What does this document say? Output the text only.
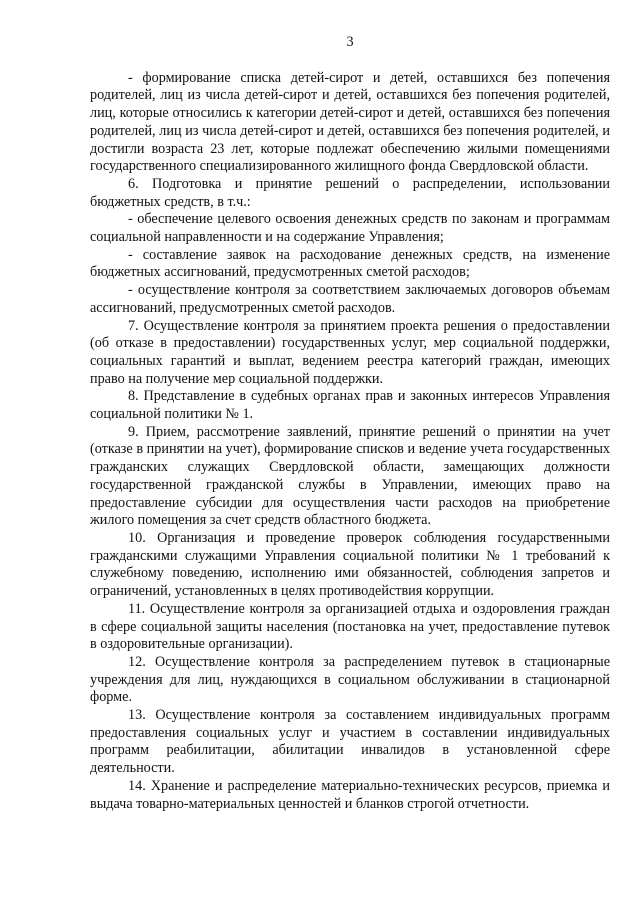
3

- формирование списка детей-сирот и детей, оставшихся без попечения родителей, лиц из числа детей-сирот и детей, оставшихся без попечения родителей, лиц, которые относились к категории детей-сирот и детей, оставшихся без попечения родителей, лиц из числа детей-сирот и детей, оставшихся без попечения родителей, и достигли возраста 23 лет, которые подлежат обеспечению жилыми помещениями государственного специализированного жилищного фонда Свердловской области.

6. Подготовка и принятие решений о распределении, использовании бюджетных средств, в т.ч.:

- обеспечение целевого освоения денежных средств по законам и программам социальной направленности и на содержание Управления;

- составление заявок на расходование денежных средств, на изменение бюджетных ассигнований, предусмотренных сметой расходов;

- осуществление контроля за соответствием заключаемых договоров объемам ассигнований, предусмотренных сметой расходов.

7. Осуществление контроля за принятием проекта решения о предоставлении (об отказе в предоставлении) государственных услуг, мер социальной поддержки, социальных гарантий и выплат, ведением реестра категорий граждан, имеющих право на получение мер социальной поддержки.

8. Представление в судебных органах прав и законных интересов Управления социальной политики № 1.

9. Прием, рассмотрение заявлений, принятие решений о принятии на учет (отказе в принятии на учет), формирование списков и ведение учета государственных гражданских служащих Свердловской области, замещающих должности государственной гражданской службы в Управлении, имеющих право на предоставление субсидии для осуществления части расходов на приобретение жилого помещения за счет средств областного бюджета.

10. Организация и проведение проверок соблюдения государственными гражданскими служащими Управления социальной политики № 1 требований к служебному поведению, исполнению ими обязанностей, соблюдения запретов и ограничений, установленных в целях противодействия коррупции.

11. Осуществление контроля за организацией отдыха и оздоровления граждан в сфере социальной защиты населения (постановка на учет, предоставление путевок в оздоровительные организации).

12. Осуществление контроля за распределением путевок в стационарные учреждения для лиц, нуждающихся в социальном обслуживании в стационарной форме.

13. Осуществление контроля за составлением индивидуальных программ предоставления социальных услуг и участием в составлении индивидуальных программ реабилитации, абилитации инвалидов в установленной сфере деятельности.

14. Хранение и распределение материально-технических ресурсов, приемка и выдача товарно-материальных ценностей и бланков строгой отчетности.
